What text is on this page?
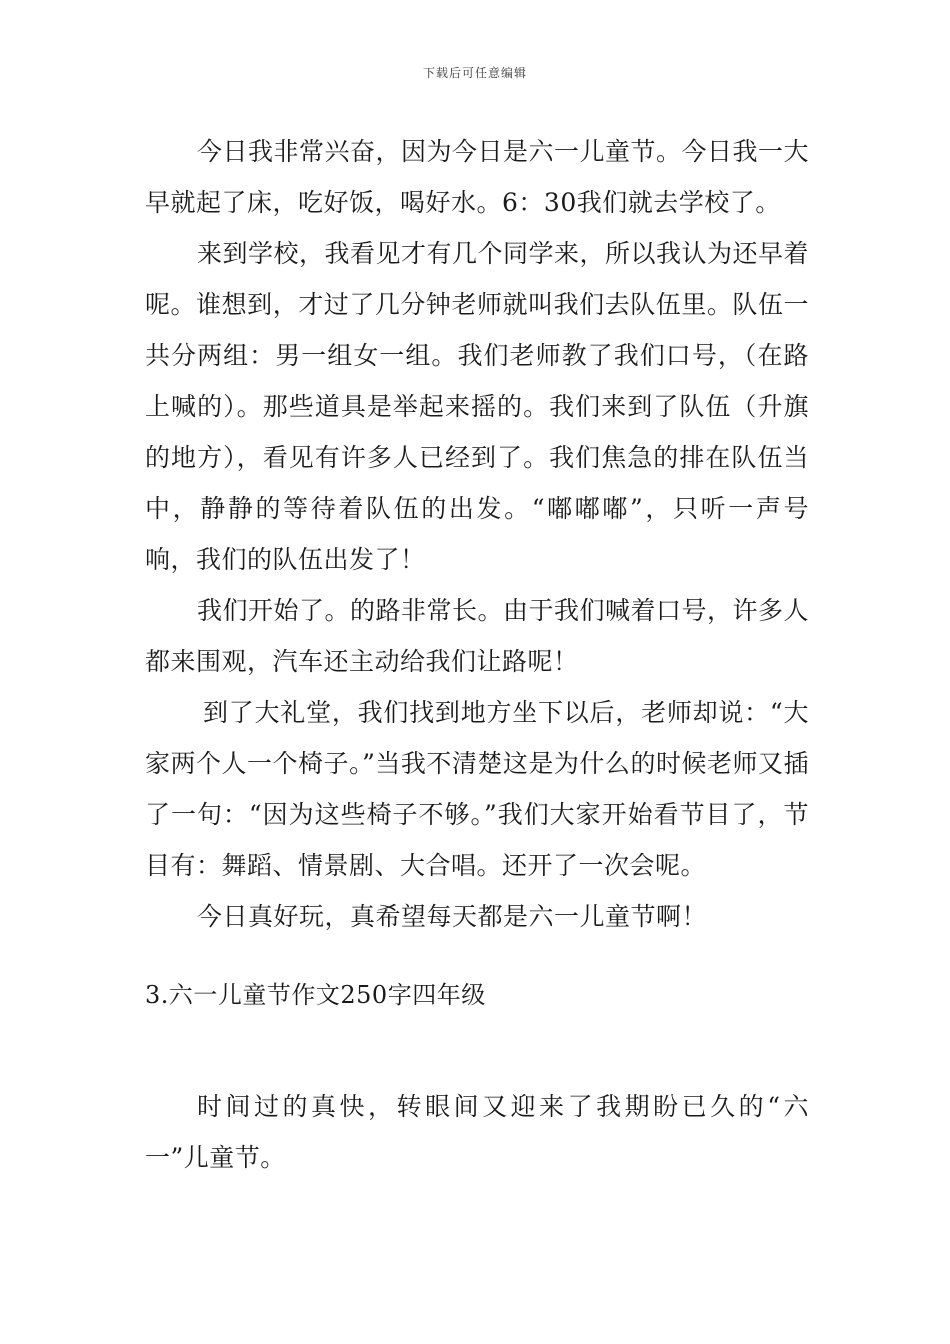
下载后可任意编辑

今日我非常兴奋，因为今日是六一儿童节。今日我一大早就起了床，吃好饭，喝好水。6：30我们就去学校了。

来到学校，我看见才有几个同学来，所以我认为还早着呢。谁想到，才过了几分钟老师就叫我们去队伍里。队伍一共分两组：男一组女一组。我们老师教了我们口号，（在路上喊的）。那些道具是举起来摇的。我们来到了队伍（升旗的地方），看见有许多人已经到了。我们焦急的排在队伍当中，静静的等待着队伍的出发。“嘟嘟嘟”，只听一声号响，我们的队伍出发了！

我们开始了。的路非常长。由于我们喊着口号，许多人都来围观，汽车还主动给我们让路呢！

到了大礼堂，我们找到地方坐下以后，老师却说：“大家两个人一个椅子。”当我不清楚这是为什么的时候老师又插了一句：“因为这些椅子不够。”我们大家开始看节目了，节目有：舞蹈、情景剧、大合唱。还开了一次会呢。

今日真好玩，真希望每天都是六一儿童节啊！

3.六一儿童节作文250字四年级

时间过的真快，转眼间又迎来了我期盼已久的“六一”儿童节。
